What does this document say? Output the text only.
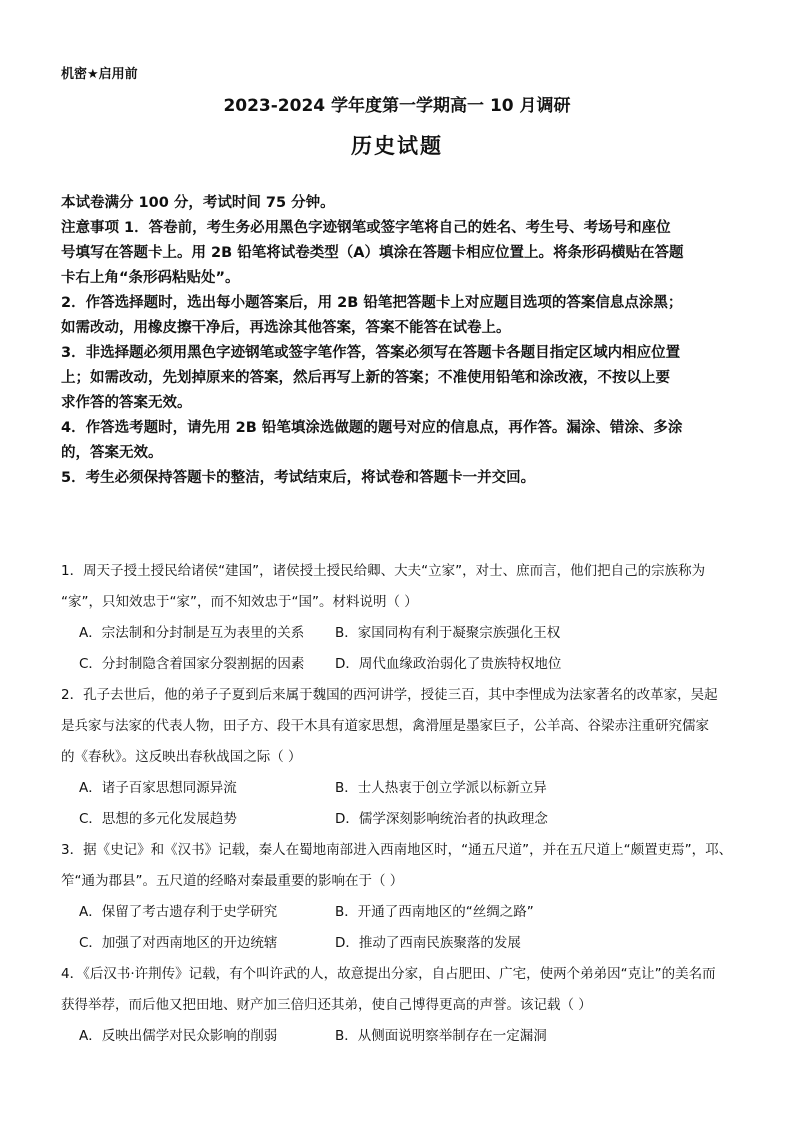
机密★启用前
2023-2024 学年度第一学期高一 10 月调研
历史试题

本试卷满分 100 分，考试时间 75 分钟。

注意事项 1．答卷前，考生务必用黑色字迹钢笔或签字笔将自己的姓名、考生号、考场号和座位

号填写在答题卡上。用 2B 铅笔将试卷类型（A）填涂在答题卡相应位置上。将条形码横贴在答题

卡右上角“条形码粘贴处”。

2．作答选择题时，选出每小题答案后，用 2B 铅笔把答题卡上对应题目选项的答案信息点涂黑；

如需改动，用橡皮擦干净后，再选涂其他答案，答案不能答在试卷上。

3．非选择题必须用黑色字迹钢笔或签字笔作答，答案必须写在答题卡各题目指定区域内相应位置

上；如需改动，先划掉原来的答案，然后再写上新的答案；不准使用铅笔和涂改液，不按以上要

求作答的答案无效。

4．作答选考题时，请先用 2B 铅笔填涂选做题的题号对应的信息点，再作答。漏涂、错涂、多涂

的，答案无效。

5．考生必须保持答题卡的整洁，考试结束后，将试卷和答题卡一并交回。

1．周天子授土授民给诸侯“建国”，诸侯授土授民给卿、大夫“立家”，对士、庶而言，他们把自己的宗族称为

“家”，只知效忠于“家”，而不知效忠于“国”。材料说明（ ）

A．宗法制和分封制是互为表里的关系	B．家国同构有利于凝聚宗族强化王权
C．分封制隐含着国家分裂割据的因素	D．周代血缘政治弱化了贵族特权地位

2．孔子去世后，他的弟子子夏到后来属于魏国的西河讲学，授徒三百，其中李悝成为法家著名的改革家，吴起

是兵家与法家的代表人物，田子方、段干木具有道家思想，禽滑厘是墨家巨子，公羊高、谷梁赤注重研究儒家

的《春秋》。这反映出春秋战国之际（ ）

A．诸子百家思想同源异流	B．士人热衷于创立学派以标新立异
C．思想的多元化发展趋势	D．儒学深刻影响统治者的执政理念

3．据《史记》和《汉书》记载，秦人在蜀地南部进入西南地区时，“通五尺道”，并在五尺道上“颇置吏焉”，邛、

笮“通为郡县”。五尺道的经略对秦最重要的影响在于（ ）

A．保留了考古遗存利于史学研究	B．开通了西南地区的“丝绸之路”
C．加强了对西南地区的开边统辖	D．推动了西南民族聚落的发展

4．《后汉书·许荆传》记载，有个叫许武的人，故意提出分家，自占肥田、广宅，使两个弟弟因“克让”的美名而

获得举荐，而后他又把田地、财产加三倍归还其弟，使自己博得更高的声誉。该记载（ ）

A．反映出儒学对民众影响的削弱	B．从侧面说明察举制存在一定漏洞
